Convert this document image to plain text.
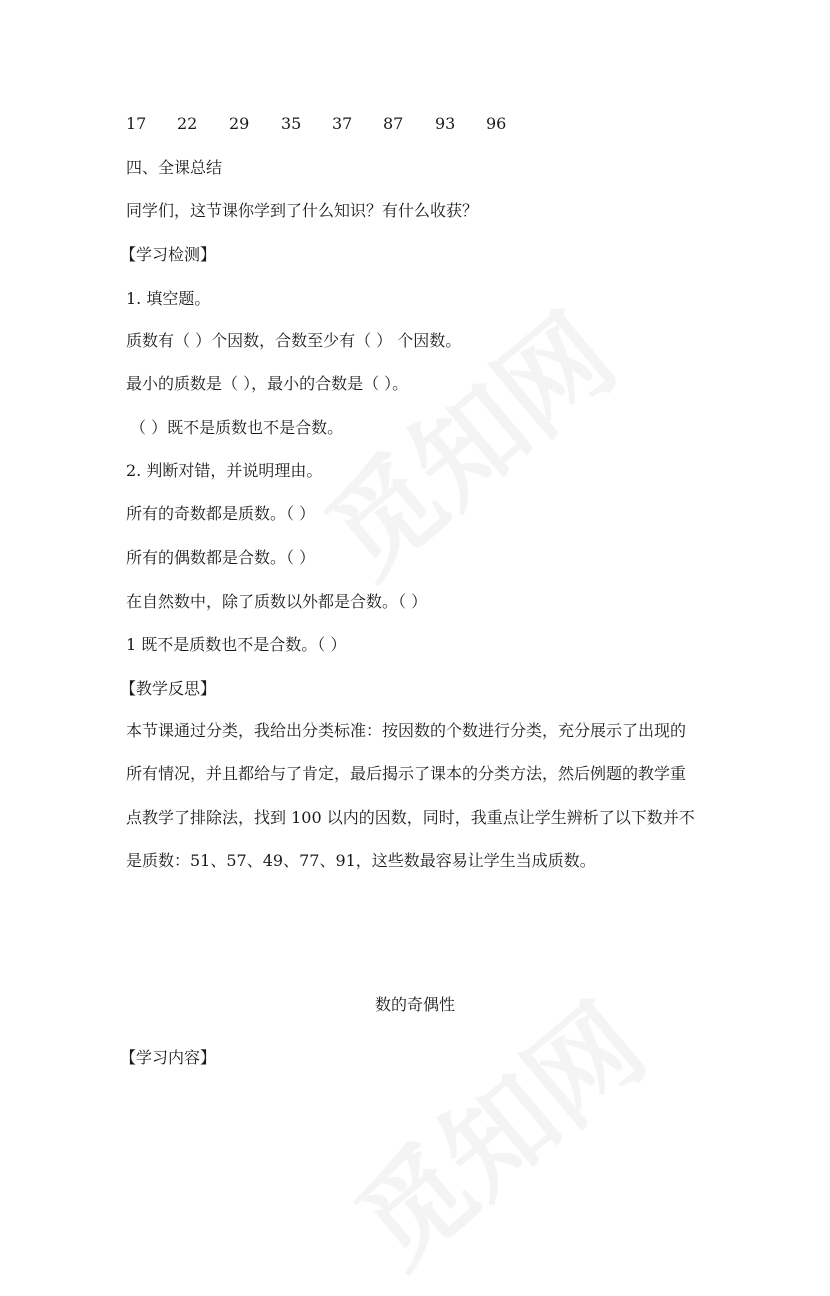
17 22 29 35 37 87 93 96
四、全课总结
同学们，这节课你学到了什么知识？有什么收获？
【学习检测】
1. 填空题。
质数有（ ）个因数，合数至少有（ ） 个因数。
最小的质数是（ ），最小的合数是（ ）。
（ ）既不是质数也不是合数。
2. 判断对错，并说明理由。
所有的奇数都是质数。（ ）
所有的偶数都是合数。（ ）
在自然数中，除了质数以外都是合数。（ ）
1 既不是质数也不是合数。（ ）
【教学反思】
本节课通过分类，我给出分类标准：按因数的个数进行分类，充分展示了出现的
所有情况，并且都给与了肯定，最后揭示了课本的分类方法，然后例题的教学重
点教学了排除法，找到 100 以内的因数，同时，我重点让学生辨析了以下数并不
是质数：51、57、49、77、91，这些数最容易让学生当成质数。
数的奇偶性
【学习内容】
